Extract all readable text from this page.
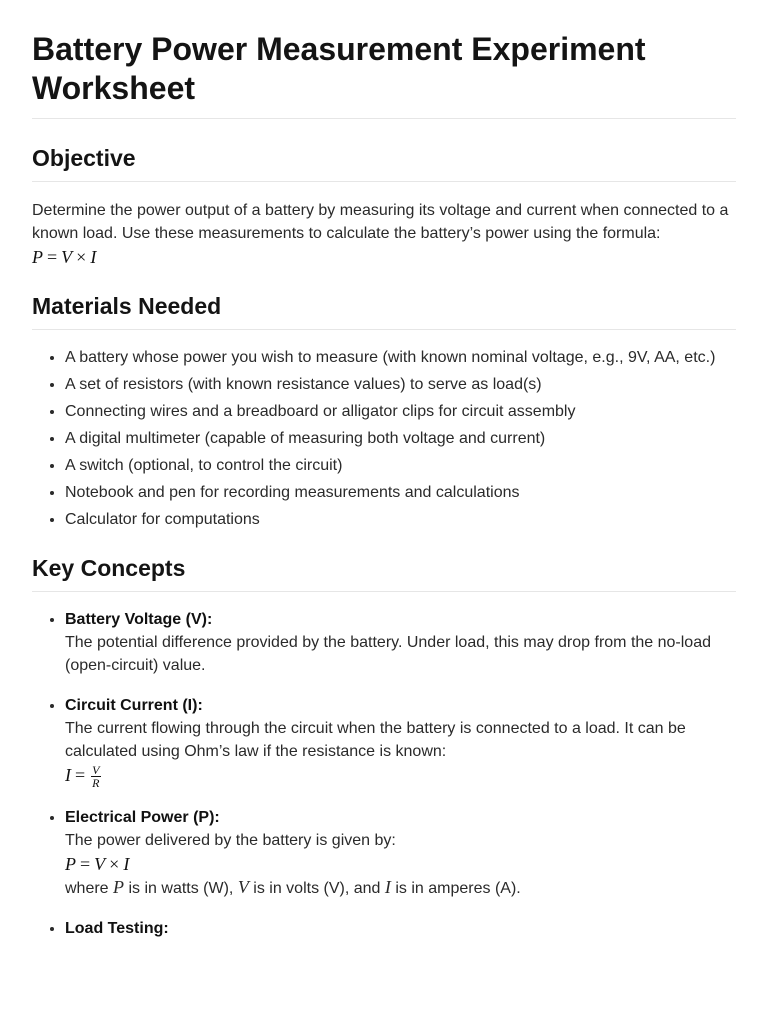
Battery Power Measurement Experiment Worksheet
Objective

Determine the power output of a battery by measuring its voltage and current when connected to a known load. Use these measurements to calculate the battery’s power using the formula:

P = V × I
Materials Needed
• A battery whose power you wish to measure (with known nominal voltage, e.g., 9V, AA, etc.)
• A set of resistors (with known resistance values) to serve as load(s)
• Connecting wires and a breadboard or alligator clips for circuit assembly
• A digital multimeter (capable of measuring both voltage and current)
• A switch (optional, to control the circuit)
• Notebook and pen for recording measurements and calculations
• Calculator for computations
Key Concepts
• Battery Voltage (V):
The potential difference provided by the battery. Under load, this may drop from the no-load (open-circuit) value.
• Circuit Current (I):
The current flowing through the circuit when the battery is connected to a load. It can be calculated using Ohm’s law if the resistance is known:
$I = \frac{V}{R}$
• Electrical Power (P):
The power delivered by the battery is given by:
P = V × I
where P is in watts (W), V is in volts (V), and I is in amperes (A).
• Load Testing:
